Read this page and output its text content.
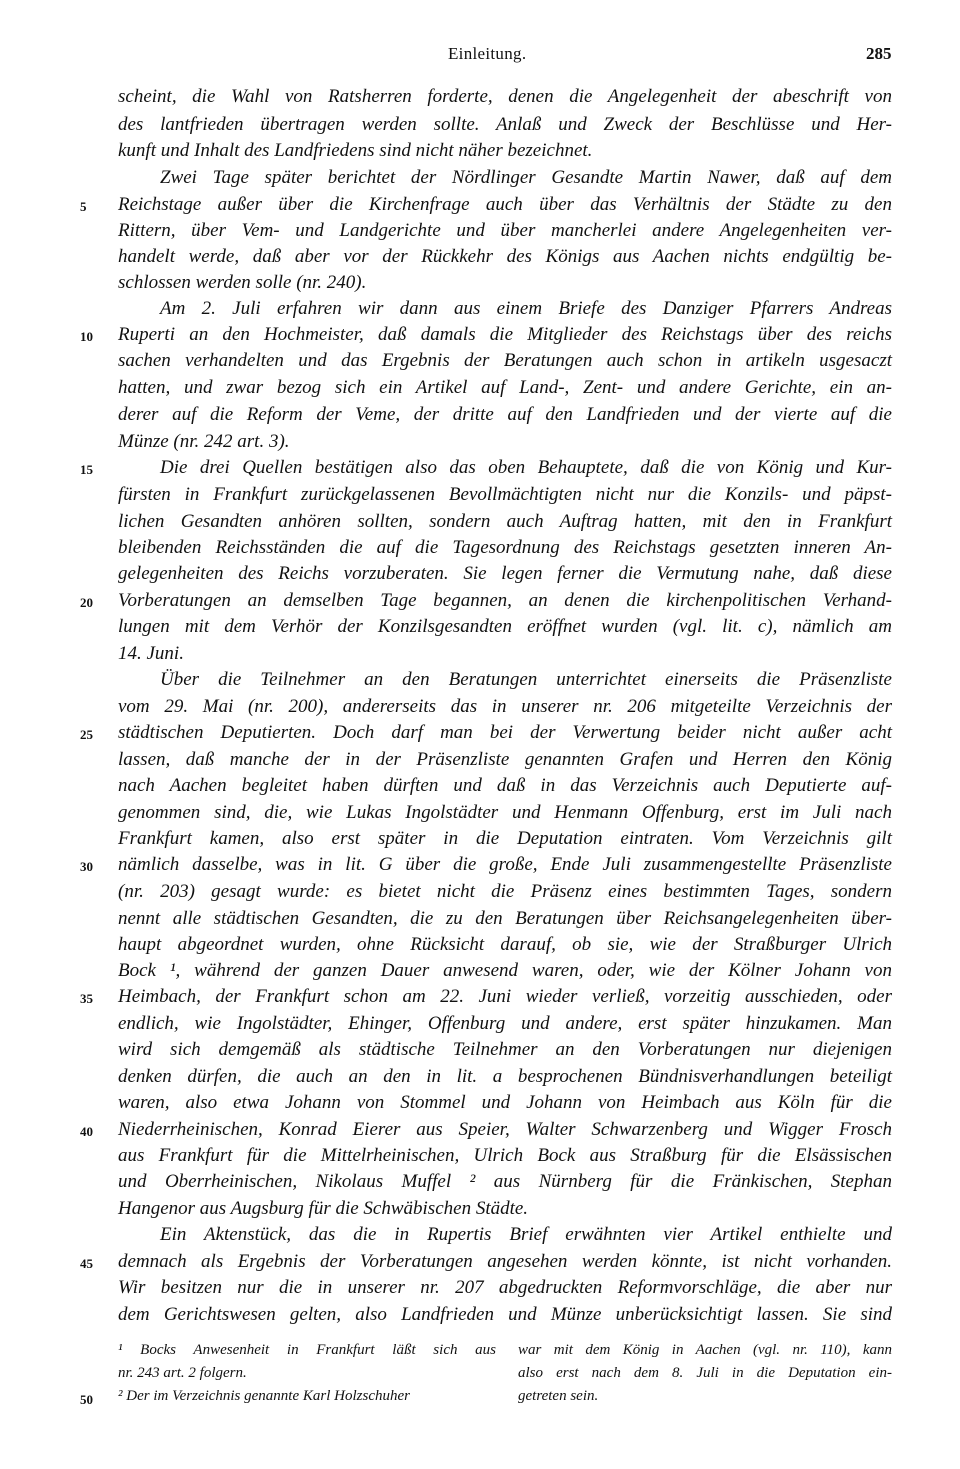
Einleitung.	285
scheint, die Wahl von Ratsherren forderte, denen die Angelegenheit der abeschrift von
des lantfrieden übertragen werden sollte. Anlaß und Zweck der Beschlüsse und Her-
kunft und Inhalt des Landfriedens sind nicht näher bezeichnet.
Zwei Tage später berichtet der Nördlinger Gesandte Martin Nawer, daß auf dem
Reichstage außer über die Kirchenfrage auch über das Verhältnis der Städte zu den
Rittern, über Vem- und Landgerichte und über mancherlei andere Angelegenheiten ver-
handelt werde, daß aber vor der Rückkehr des Königs aus Aachen nichts endgültig be-
schlossen werden solle (nr. 240).
Am 2. Juli erfahren wir dann aus einem Briefe des Danziger Pfarrers Andreas
Ruperti an den Hochmeister, daß damals die Mitglieder des Reichstags über des reichs
sachen verhandelten und das Ergebnis der Beratungen auch schon in artikeln usgesaczt
hatten, und zwar bezog sich ein Artikel auf Land-, Zent- und andere Gerichte, ein an-
derer auf die Reform der Veme, der dritte auf den Landfrieden und der vierte auf die
Münze (nr. 242 art. 3).
Die drei Quellen bestätigen also das oben Behauptete, daß die von König und Kur-
fürsten in Frankfurt zurückgelassenen Bevollmächtigten nicht nur die Konzils- und päpst-
lichen Gesandten anhören sollten, sondern auch Auftrag hatten, mit den in Frankfurt
bleibenden Reichsständen die auf die Tagesordnung des Reichstags gesetzten inneren An-
gelegenheiten des Reichs vorzuberaten. Sie legen ferner die Vermutung nahe, daß diese
Vorberatungen an demselben Tage begannen, an denen die kirchenpolitischen Verhand-
lungen mit dem Verhör der Konzilsgesandten eröffnet wurden (vgl. lit. c), nämlich am
14. Juni.
Über die Teilnehmer an den Beratungen unterrichtet einerseits die Präsenzliste
vom 29. Mai (nr. 200), andererseits das in unserer nr. 206 mitgeteilte Verzeichnis der
städtischen Deputierten. Doch darf man bei der Verwertung beider nicht außer acht
lassen, daß manche der in der Präsenzliste genannten Grafen und Herren den König
nach Aachen begleitet haben dürften und daß in das Verzeichnis auch Deputierte auf-
genommen sind, die, wie Lukas Ingolstädter und Henmann Offenburg, erst im Juli nach
Frankfurt kamen, also erst später in die Deputation eintraten. Vom Verzeichnis gilt
nämlich dasselbe, was in lit. G über die große, Ende Juli zusammengestellte Präsenzliste
(nr. 203) gesagt wurde: es bietet nicht die Präsenz eines bestimmten Tages, sondern
nennt alle städtischen Gesandten, die zu den Beratungen über Reichsangelegenheiten über-
haupt abgeordnet wurden, ohne Rücksicht darauf, ob sie, wie der Straßburger Ulrich
Bock ¹, während der ganzen Dauer anwesend waren, oder, wie der Kölner Johann von
Heimbach, der Frankfurt schon am 22. Juni wieder verließ, vorzeitig ausschieden, oder
endlich, wie Ingolstädter, Ehinger, Offenburg und andere, erst später hinzukamen. Man
wird sich demgemäß als städtische Teilnehmer an den Vorberatungen nur diejenigen
denken dürfen, die auch an den in lit. a besprochenen Bündnisverhandlungen beteiligt
waren, also etwa Johann von Stommel und Johann von Heimbach aus Köln für die
Niederrheinischen, Konrad Eierer aus Speier, Walter Schwarzenberg und Wigger Frosch
aus Frankfurt für die Mittelrheinischen, Ulrich Bock aus Straßburg für die Elsässischen
und Oberrheinischen, Nikolaus Muffel ² aus Nürnberg für die Fränkischen, Stephan
Hangenor aus Augsburg für die Schwäbischen Städte.
Ein Aktenstück, das die in Rupertis Brief erwähnten vier Artikel enthielte und
demnach als Ergebnis der Vorberatungen angesehen werden könnte, ist nicht vorhanden.
Wir besitzen nur die in unserer nr. 207 abgedruckten Reformvorschläge, die aber nur
dem Gerichtswesen gelten, also Landfrieden und Münze unberücksichtigt lassen. Sie sind
5
10
15
20
25
30
35
40
45
50
¹ Bocks Anwesenheit in Frankfurt läßt sich aus
nr. 243 art. 2 folgern.
² Der im Verzeichnis genannte Karl Holzschuher
war mit dem König in Aachen (vgl. nr. 110), kann
also erst nach dem 8. Juli in die Deputation ein-
getreten sein.
